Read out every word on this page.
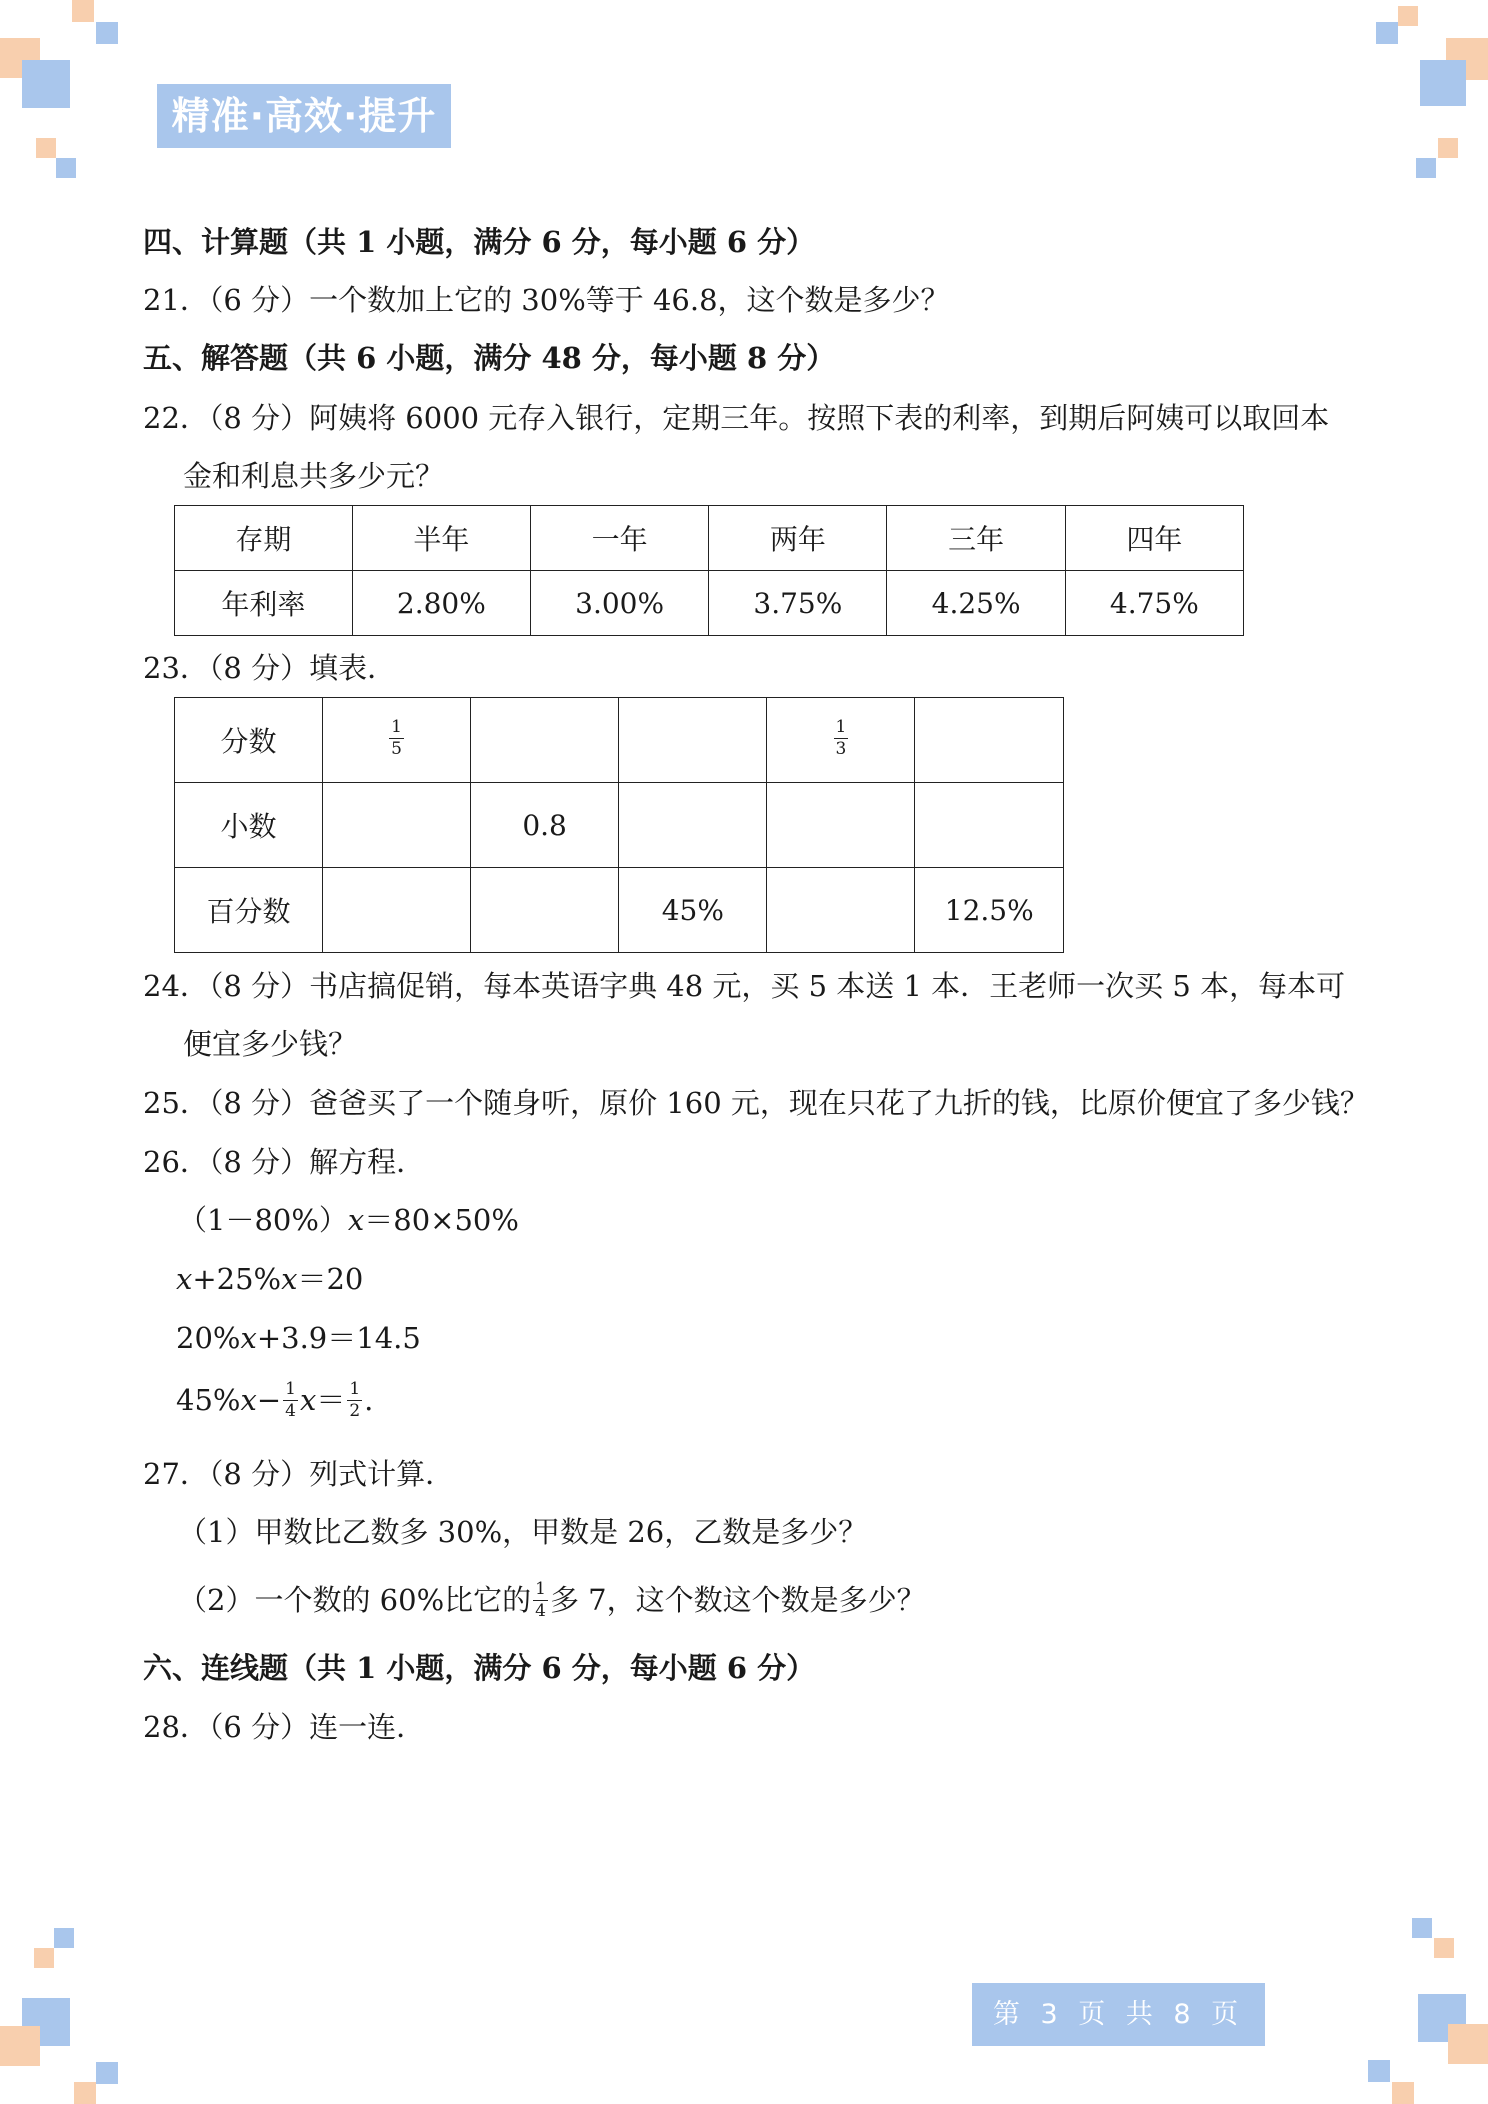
精准·高效·提升
四、计算题（共 1 小题，满分 6 分，每小题 6 分）
21．（6 分）一个数加上它的 30%等于 46.8，这个数是多少？
五、解答题（共 6 小题，满分 48 分，每小题 8 分）
22．（8 分）阿姨将 6000 元存入银行，定期三年。按照下表的利率，到期后阿姨可以取回本
金和利息共多少元？
存期	半年	一年	两年	三年	四年
年利率	2.80%	3.00%	3.75%	4.25%	4.75%
23．（8 分）填表．
分数	$\frac{1}{5}$			$\frac{1}{3}$

小数		0.8			
百分数			45%		12.5%
24．（8 分）书店搞促销，每本英语字典 48 元，买 5 本送 1 本．王老师一次买 5 本，每本可
便宜多少钱？
25．（8 分）爸爸买了一个随身听，原价 160 元，现在只花了九折的钱，比原价便宜了多少钱？
26．（8 分）解方程．
（1－80%）x＝80×50%
x+25%x＝20
20%x+3.9＝14.5
$45\%x- \frac{1}{4} x= \frac{1}{2}$ .
27．（8 分）列式计算．
（1）甲数比乙数多 30%，甲数是 26，乙数是多少？
（2）一个数的 60%比它的 $\frac{1}{4}$ 多 7，这个数这个数是多少？
六、连线题（共 1 小题，满分 6 分，每小题 6 分）
28．（6 分）连一连．
第 3 页 共 8 页
